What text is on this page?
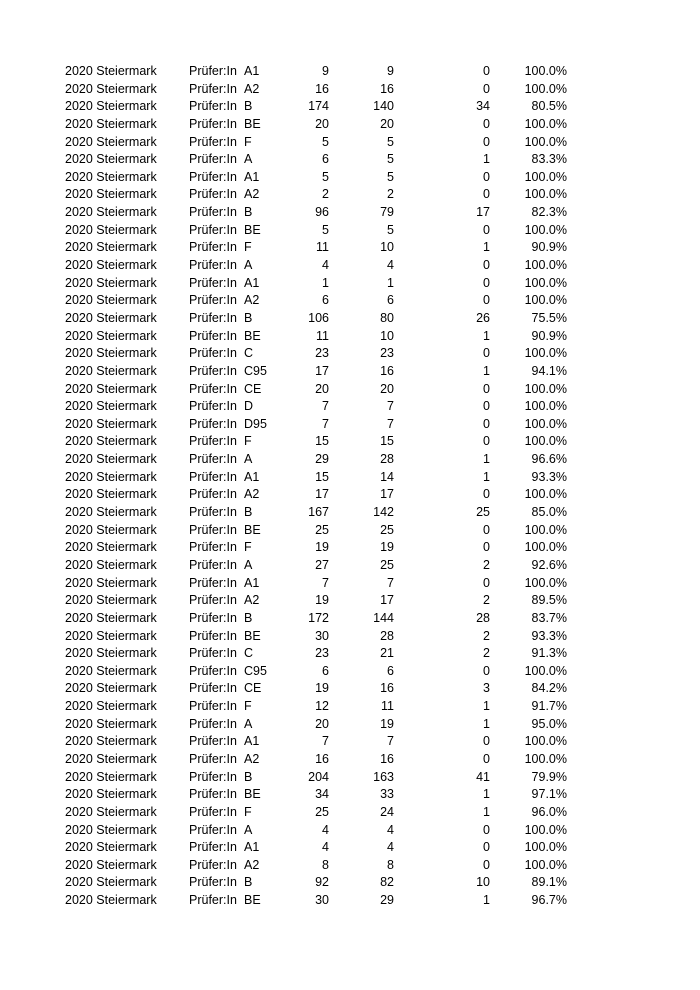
2020 Steiermark	Prüfer:In A1	9	9	0	100.0%
2020 Steiermark	Prüfer:In A2	16	16	0	100.0%
2020 Steiermark	Prüfer:In B	174	140	34	80.5%
2020 Steiermark	Prüfer:In BE	20	20	0	100.0%
2020 Steiermark	Prüfer:In F	5	5	0	100.0%
2020 Steiermark	Prüfer:In A	6	5	1	83.3%
2020 Steiermark	Prüfer:In A1	5	5	0	100.0%
2020 Steiermark	Prüfer:In A2	2	2	0	100.0%
2020 Steiermark	Prüfer:In B	96	79	17	82.3%
2020 Steiermark	Prüfer:In BE	5	5	0	100.0%
2020 Steiermark	Prüfer:In F	11	10	1	90.9%
2020 Steiermark	Prüfer:In A	4	4	0	100.0%
2020 Steiermark	Prüfer:In A1	1	1	0	100.0%
2020 Steiermark	Prüfer:In A2	6	6	0	100.0%
2020 Steiermark	Prüfer:In B	106	80	26	75.5%
2020 Steiermark	Prüfer:In BE	11	10	1	90.9%
2020 Steiermark	Prüfer:In C	23	23	0	100.0%
2020 Steiermark	Prüfer:In C95	17	16	1	94.1%
2020 Steiermark	Prüfer:In CE	20	20	0	100.0%
2020 Steiermark	Prüfer:In D	7	7	0	100.0%
2020 Steiermark	Prüfer:In D95	7	7	0	100.0%
2020 Steiermark	Prüfer:In F	15	15	0	100.0%
2020 Steiermark	Prüfer:In A	29	28	1	96.6%
2020 Steiermark	Prüfer:In A1	15	14	1	93.3%
2020 Steiermark	Prüfer:In A2	17	17	0	100.0%
2020 Steiermark	Prüfer:In B	167	142	25	85.0%
2020 Steiermark	Prüfer:In BE	25	25	0	100.0%
2020 Steiermark	Prüfer:In F	19	19	0	100.0%
2020 Steiermark	Prüfer:In A	27	25	2	92.6%
2020 Steiermark	Prüfer:In A1	7	7	0	100.0%
2020 Steiermark	Prüfer:In A2	19	17	2	89.5%
2020 Steiermark	Prüfer:In B	172	144	28	83.7%
2020 Steiermark	Prüfer:In BE	30	28	2	93.3%
2020 Steiermark	Prüfer:In C	23	21	2	91.3%
2020 Steiermark	Prüfer:In C95	6	6	0	100.0%
2020 Steiermark	Prüfer:In CE	19	16	3	84.2%
2020 Steiermark	Prüfer:In F	12	11	1	91.7%
2020 Steiermark	Prüfer:In A	20	19	1	95.0%
2020 Steiermark	Prüfer:In A1	7	7	0	100.0%
2020 Steiermark	Prüfer:In A2	16	16	0	100.0%
2020 Steiermark	Prüfer:In B	204	163	41	79.9%
2020 Steiermark	Prüfer:In BE	34	33	1	97.1%
2020 Steiermark	Prüfer:In F	25	24	1	96.0%
2020 Steiermark	Prüfer:In A	4	4	0	100.0%
2020 Steiermark	Prüfer:In A1	4	4	0	100.0%
2020 Steiermark	Prüfer:In A2	8	8	0	100.0%
2020 Steiermark	Prüfer:In B	92	82	10	89.1%
2020 Steiermark	Prüfer:In BE	30	29	1	96.7%
